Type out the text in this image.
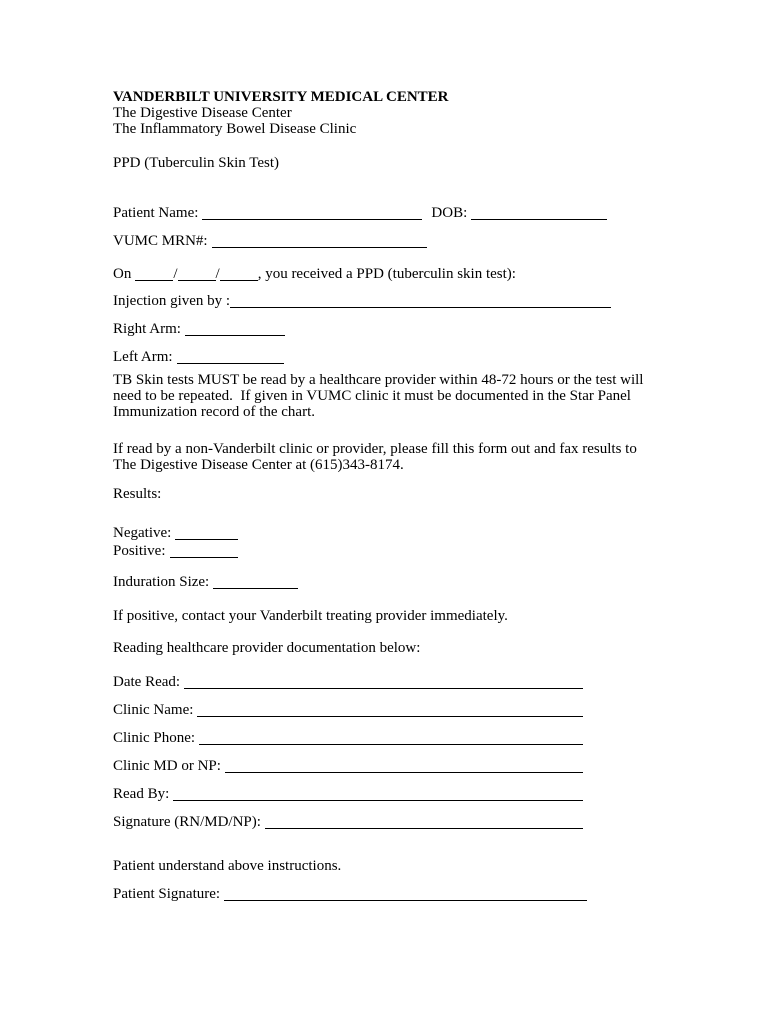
VANDERBILT UNIVERSITY MEDICAL CENTER
The Digestive Disease Center
The Inflammatory Bowel Disease Clinic
PPD (Tuberculin Skin Test)
Patient Name:	DOB:
VUMC MRN#:
On	/	/	, you received a PPD (tuberculin skin test):
Injection given by :
Right Arm:
Left Arm:
TB Skin tests MUST be read by a healthcare provider within 48-72 hours or the test will need to be repeated.  If given in VUMC clinic it must be documented in the Star Panel Immunization record of the chart.
If read by a non-Vanderbilt clinic or provider, please fill this form out and fax results to The Digestive Disease Center at (615)343-8174.
Results:
Negative:
Positive:
Induration Size:
If positive, contact your Vanderbilt treating provider immediately.
Reading healthcare provider documentation below:
Date Read:
Clinic Name:
Clinic Phone:
Clinic MD or NP:
Read By:
Signature (RN/MD/NP):
Patient understand above instructions.
Patient Signature:
